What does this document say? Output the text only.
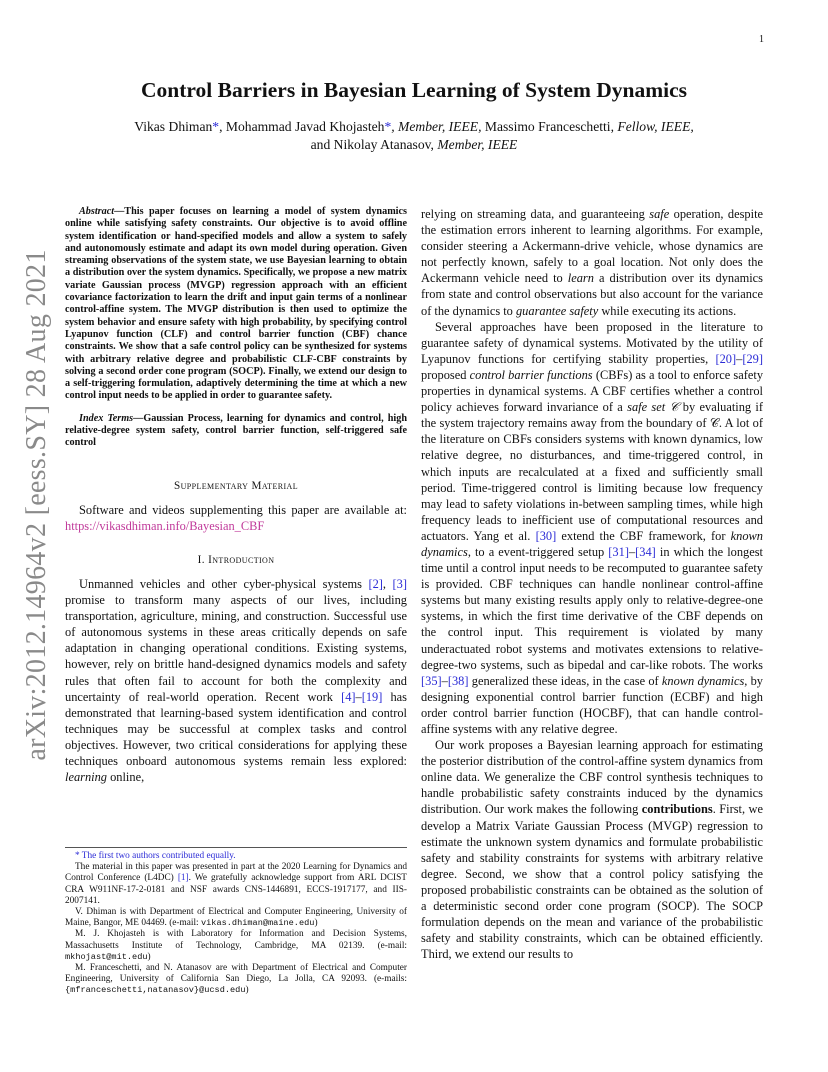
1
arXiv:2012.14964v2 [eess.SY] 28 Aug 2021
Control Barriers in Bayesian Learning of System Dynamics
Vikas Dhiman*, Mohammad Javad Khojasteh*, Member, IEEE, Massimo Franceschetti, Fellow, IEEE,
and Nikolay Atanasov, Member, IEEE

Abstract—This paper focuses on learning a model of system dynamics online while satisfying safety constraints. Our objective is to avoid offline system identification or hand-specified models and allow a system to safely and autonomously estimate and adapt its own model during operation. Given streaming observations of the system state, we use Bayesian learning to obtain a distribution over the system dynamics. Specifically, we propose a new matrix variate Gaussian process (MVGP) regression approach with an efficient covariance factorization to learn the drift and input gain terms of a nonlinear control-affine system. The MVGP distribution is then used to optimize the system behavior and ensure safety with high probability, by specifying control Lyapunov function (CLF) and control barrier function (CBF) chance constraints. We show that a safe control policy can be synthesized for systems with arbitrary relative degree and probabilistic CLF-CBF constraints by solving a second order cone program (SOCP). Finally, we extend our design to a self-triggering formulation, adaptively determining the time at which a new control input needs to be applied in order to guarantee safety.

Index Terms—Gaussian Process, learning for dynamics and control, high relative-degree system safety, control barrier function, self-triggered safe control

Supplementary Material

Software and videos supplementing this paper are available at: https://vikasdhiman.info/Bayesian_CBF

I. Introduction

Unmanned vehicles and other cyber-physical systems [2], [3] promise to transform many aspects of our lives, including transportation, agriculture, mining, and construction. Successful use of autonomous systems in these areas critically depends on safe adaptation in changing operational conditions. Existing systems, however, rely on brittle hand-designed dynamics models and safety rules that often fail to account for both the complexity and uncertainty of real-world operation. Recent work [4]–[19] has demonstrated that learning-based system identification and control techniques may be successful at complex tasks and control objectives. However, two critical considerations for applying these techniques onboard autonomous systems remain less explored: learning online,

* The first two authors contributed equally.

The material in this paper was presented in part at the 2020 Learning for Dynamics and Control Conference (L4DC) [1]. We gratefully acknowledge support from ARL DCIST CRA W911NF-17-2-0181 and NSF awards CNS-1446891, ECCS-1917177, and IIS-2007141.

V. Dhiman is with Department of Electrical and Computer Engineering, University of Maine, Bangor, ME 04469. (e-mail: vikas.dhiman@maine.edu)

M. J. Khojasteh is with Laboratory for Information and Decision Systems, Massachusetts Institute of Technology, Cambridge, MA 02139. (e-mail: mkhojast@mit.edu)

M. Franceschetti, and N. Atanasov are with Department of Electrical and Computer Engineering, University of California San Diego, La Jolla, CA 92093. (e-mails: {mfranceschetti,natanasov}@ucsd.edu)

relying on streaming data, and guaranteeing safe operation, despite the estimation errors inherent to learning algorithms. For example, consider steering a Ackermann-drive vehicle, whose dynamics are not perfectly known, safely to a goal location. Not only does the Ackermann vehicle need to learn a distribution over its dynamics from state and control observations but also account for the variance of the dynamics to guarantee safety while executing its actions.

Several approaches have been proposed in the literature to guarantee safety of dynamical systems. Motivated by the utility of Lyapunov functions for certifying stability properties, [20]–[29] proposed control barrier functions (CBFs) as a tool to enforce safety properties in dynamical systems. A CBF certifies whether a control policy achieves forward invariance of a safe set 𝒞 by evaluating if the system trajectory remains away from the boundary of 𝒞. A lot of the literature on CBFs considers systems with known dynamics, low relative degree, no disturbances, and time-triggered control, in which inputs are recalculated at a fixed and sufficiently small period. Time-triggered control is limiting because low frequency may lead to safety violations in-between sampling times, while high frequency leads to inefficient use of computational resources and actuators. Yang et al. [30] extend the CBF framework, for known dynamics, to a event-triggered setup [31]–[34] in which the longest time until a control input needs to be recomputed to guarantee safety is provided. CBF techniques can handle nonlinear control-affine systems but many existing results apply only to relative-degree-one systems, in which the first time derivative of the CBF depends on the control input. This requirement is violated by many underactuated robot systems and motivates extensions to relative-degree-two systems, such as bipedal and car-like robots. The works [35]–[38] generalized these ideas, in the case of known dynamics, by designing exponential control barrier function (ECBF) and high order control barrier function (HOCBF), that can handle control-affine systems with any relative degree.

Our work proposes a Bayesian learning approach for estimating the posterior distribution of the control-affine system dynamics from online data. We generalize the CBF control synthesis techniques to handle probabilistic safety constraints induced by the dynamics distribution. Our work makes the following contributions. First, we develop a Matrix Variate Gaussian Process (MVGP) regression to estimate the unknown system dynamics and formulate probabilistic safety and stability constraints for systems with arbitrary relative degree. Second, we show that a control policy satisfying the proposed probabilistic constraints can be obtained as the solution of a deterministic second order cone program (SOCP). The SOCP formulation depends on the mean and variance of the probabilistic safety and stability constraints, which can be obtained efficiently. Third, we extend our results to
